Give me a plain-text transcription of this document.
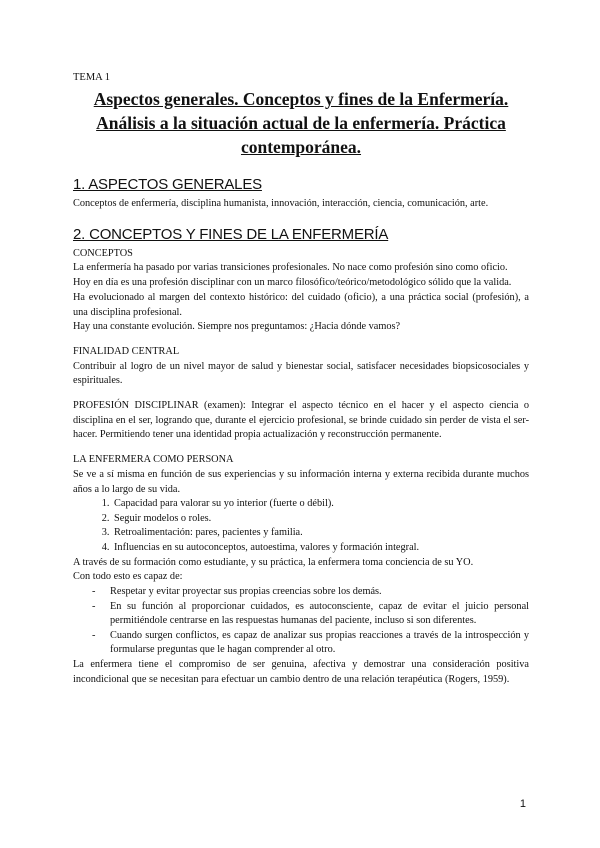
TEMA 1
Aspectos generales. Conceptos y fines de la Enfermería.
Análisis a la situación actual de la enfermería. Práctica
contemporánea.
1. ASPECTOS GENERALES

Conceptos de enfermería, disciplina humanista, innovación, interacción, ciencia, comunicación, arte.

2. CONCEPTOS Y FINES DE LA ENFERMERÍA
CONCEPTOS

La enfermería ha pasado por varias transiciones profesionales. No nace como profesión sino como oficio.

Hoy en día es una profesión disciplinar con un marco filosófico/teórico/metodológico sólido que la valida.

Ha evolucionado al margen del contexto histórico: del cuidado (oficio), a una práctica social (profesión), a una disciplina profesional.

Hay una constante evolución. Siempre nos preguntamos: ¿Hacia dónde vamos?

FINALIDAD CENTRAL

Contribuir al logro de un nivel mayor de salud y bienestar social, satisfacer necesidades biopsicosociales y espirituales.

PROFESIÓN DISCIPLINAR (examen): Integrar el aspecto técnico en el hacer y el aspecto ciencia o disciplina en el ser, logrando que, durante el ejercicio profesional, se brinde cuidado sin perder de vista el ser-hacer. Permitiendo tener una identidad propia actualización y reconstrucción permanente.

LA ENFERMERA COMO PERSONA

Se ve a sí misma en función de sus experiencias y su información interna y externa recibida durante muchos años a lo largo de su vida.

1. Capacidad para valorar su yo interior (fuerte o débil).
2. Seguir modelos o roles.
3. Retroalimentación: pares, pacientes y familia.
4. Influencias en su autoconceptos, autoestima, valores y formación integral.

A través de su formación como estudiante, y su práctica, la enfermera toma conciencia de su YO.

Con todo esto es capaz de:

- Respetar y evitar proyectar sus propias creencias sobre los demás.
- En su función al proporcionar cuidados, es autoconsciente, capaz de evitar el juicio personal permitiéndole centrarse en las respuestas humanas del paciente, incluso si son diferentes.
- Cuando surgen conflictos, es capaz de analizar sus propias reacciones a través de la introspección y formularse preguntas que le hagan comprender al otro.

La enfermera tiene el compromiso de ser genuina, afectiva y demostrar una consideración positiva incondicional que se necesitan para efectuar un cambio dentro de una relación terapéutica (Rogers, 1959).

1
